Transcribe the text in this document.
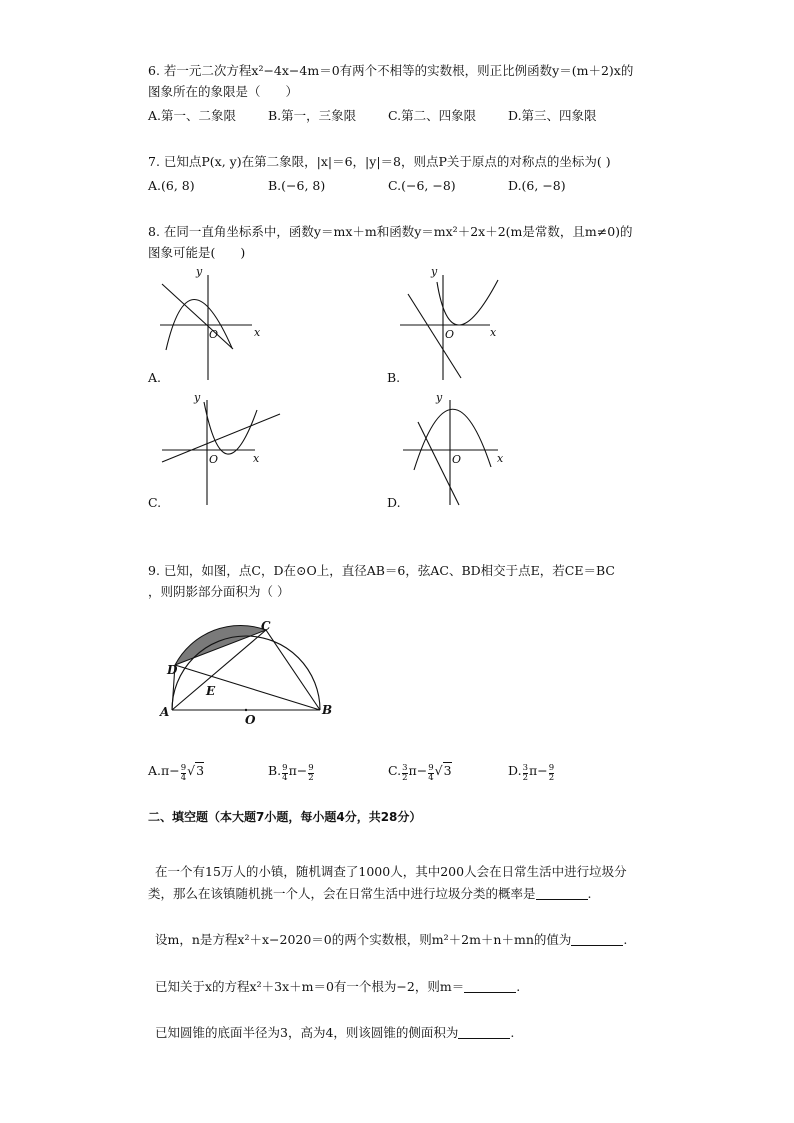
6. 若一元二次方程x²−4x−4m＝0有两个不相等的实数根，则正比例函数y＝(m＋2)x的
图象所在的象限是（　　）
A.第一、二象限	B.第一，三象限	C.第二、四象限	D.第三、四象限
7. 已知点P(x, y)在第二象限，|x|＝6，|y|＝8，则点P关于原点的对称点的坐标为( )
A.(6, 8)	B.(−6, 8)	C.(−6, −8)	D.(6, −8)
8. 在同一直角坐标系中，函数y＝mx＋m和函数y＝mx²＋2x＋2(m是常数，且m≠0)的
图象可能是(　　)
y
x
O
y
x
O
y
x
O
y
x
O
A.	B.
C.	D.
9. 已知，如图，点C，D在⊙O上，直径AB＝6，弦AC、BD相交于点E，若CE＝BC
，则阴影部分面积为（ ）
A	B
C
D
E
O
$A.\pi- \frac{9}{4} √3$	B. $\frac{9}{4} \pi- \frac{9}{2}$	C. $\frac{3}{2} \pi- \frac{9}{4} √3$	D. $\frac{3}{2} \pi- \frac{9}{2}$
二、填空题（本大题7小题，每小题4分，共28分）
在一个有15万人的小镇，随机调查了1000人，其中200人会在日常生活中进行垃圾分
类，那么在该镇随机挑一个人，会在日常生活中进行垃圾分类的概率是	.
设m，n是方程x²＋x−2020＝0的两个实数根，则m²＋2m＋n＋mn的值为	.
已知关于x的方程x²＋3x＋m＝0有一个根为−2，则m＝	.
已知圆锥的底面半径为3，高为4，则该圆锥的侧面积为	.
